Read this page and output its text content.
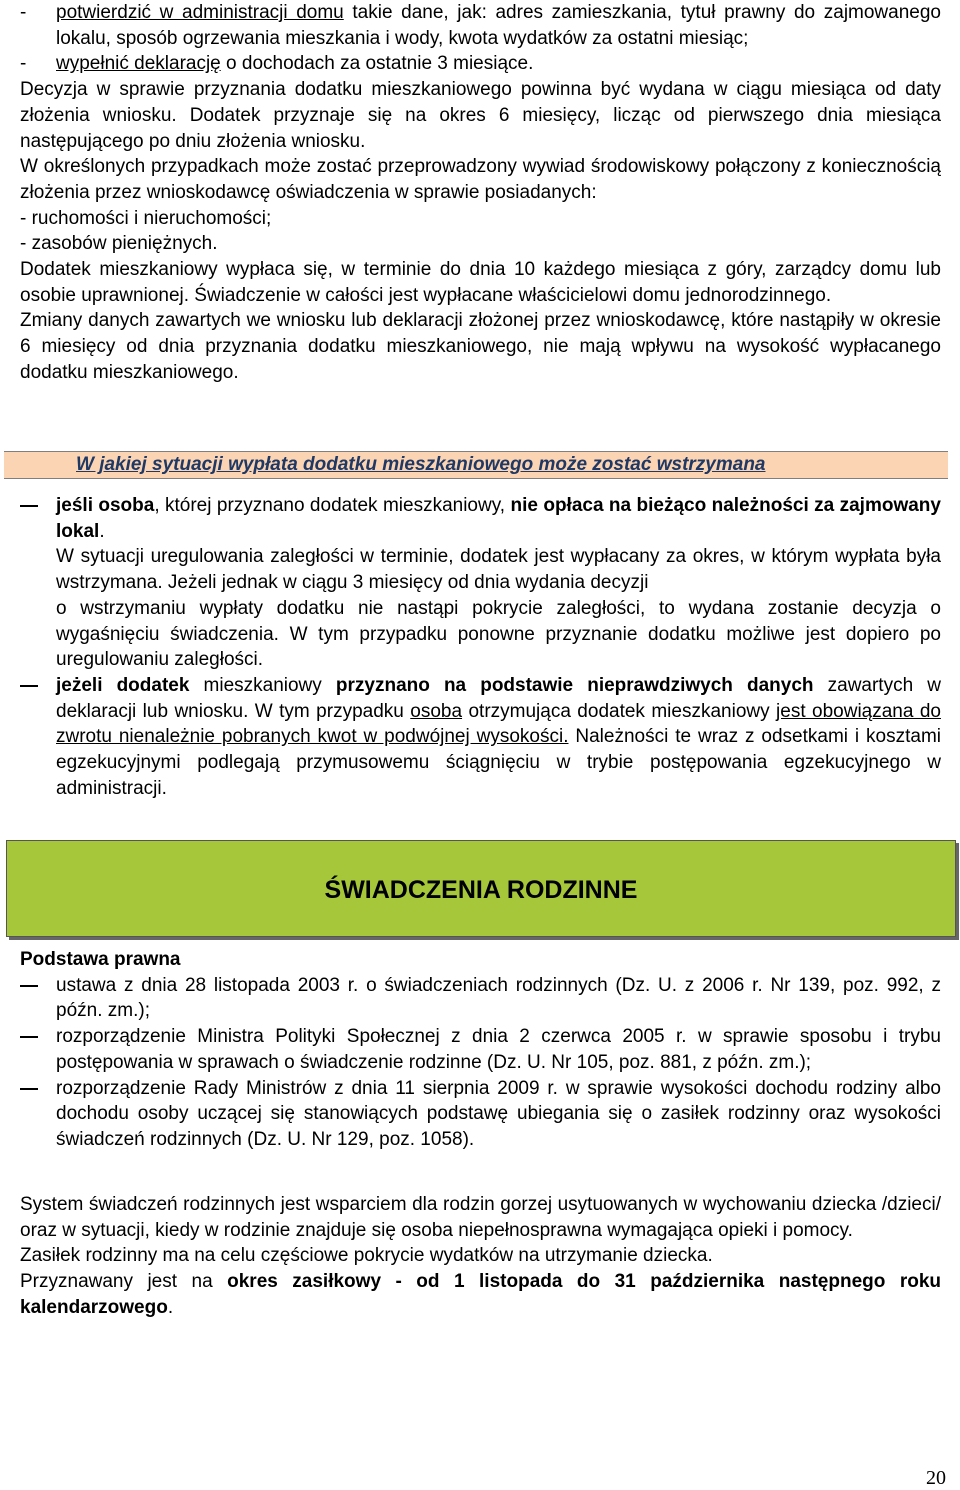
- potwierdzić w administracji domu takie dane, jak: adres zamieszkania, tytuł prawny do zajmowanego lokalu, sposób ogrzewania mieszkania i wody, kwota wydatków za ostatni miesiąc;
- wypełnić deklarację o dochodach za ostatnie 3 miesiące.
Decyzja w sprawie przyznania dodatku mieszkaniowego powinna być wydana w ciągu miesiąca od daty złożenia wniosku. Dodatek przyznaje się na okres 6 miesięcy, licząc od pierwszego dnia miesiąca następującego po dniu złożenia wniosku.
W określonych przypadkach może zostać przeprowadzony wywiad środowiskowy połączony z koniecznością złożenia przez wnioskodawcę oświadczenia w sprawie posiadanych:
- ruchomości i nieruchomości;
- zasobów pieniężnych.
Dodatek mieszkaniowy wypłaca się, w terminie do dnia 10 każdego miesiąca z góry, zarządcy domu lub osobie uprawnionej. Świadczenie w całości jest wypłacane właścicielowi domu jednorodzinnego.
Zmiany danych zawartych we wniosku lub deklaracji złożonej przez wnioskodawcę, które nastąpiły w okresie 6 miesięcy od dnia przyznania dodatku mieszkaniowego, nie mają wpływu na wysokość wypłacanego dodatku mieszkaniowego.
W jakiej sytuacji wypłata dodatku mieszkaniowego może zostać wstrzymana
jeśli osoba, której przyznano dodatek mieszkaniowy, nie opłaca na bieżąco należności za zajmowany lokal.
W sytuacji uregulowania zaległości w terminie, dodatek jest wypłacany za okres, w którym wypłata była wstrzymana. Jeżeli jednak w ciągu 3 miesięcy od dnia wydania decyzji
o wstrzymaniu wypłaty dodatku nie nastąpi pokrycie zaległości, to wydana zostanie decyzja o wygaśnięciu świadczenia. W tym przypadku ponowne przyznanie dodatku możliwe jest dopiero po uregulowaniu zaległości.
jeżeli dodatek mieszkaniowy przyznano na podstawie nieprawdziwych danych zawartych w deklaracji lub wniosku. W tym przypadku osoba otrzymująca dodatek mieszkaniowy jest obowiązana do zwrotu nienależnie pobranych kwot w podwójnej wysokości. Należności te wraz z odsetkami i kosztami egzekucyjnymi podlegają przymusowemu ściągnięciu w trybie postępowania egzekucyjnego w administracji.
ŚWIADCZENIA RODZINNE
Podstawa prawna
ustawa z dnia 28 listopada 2003 r. o świadczeniach rodzinnych (Dz. U. z 2006 r. Nr 139, poz. 992, z późn. zm.);
rozporządzenie Ministra Polityki Społecznej z dnia 2 czerwca 2005 r. w sprawie sposobu i trybu postępowania w sprawach o świadczenie rodzinne (Dz. U. Nr 105, poz. 881, z późn. zm.);
rozporządzenie Rady Ministrów z dnia 11 sierpnia 2009 r. w sprawie wysokości dochodu rodziny albo dochodu osoby uczącej się stanowiących podstawę ubiegania się o zasiłek rodzinny oraz wysokości świadczeń rodzinnych (Dz. U. Nr 129, poz. 1058).
System świadczeń rodzinnych jest wsparciem dla rodzin gorzej usytuowanych w wychowaniu dziecka /dzieci/ oraz w sytuacji, kiedy w rodzinie znajduje się osoba niepełnosprawna wymagająca opieki i pomocy.
Zasiłek rodzinny ma na celu częściowe pokrycie wydatków na utrzymanie dziecka.
Przyznawany jest na okres zasiłkowy - od 1 listopada do 31 października następnego roku kalendarzowego.
20
